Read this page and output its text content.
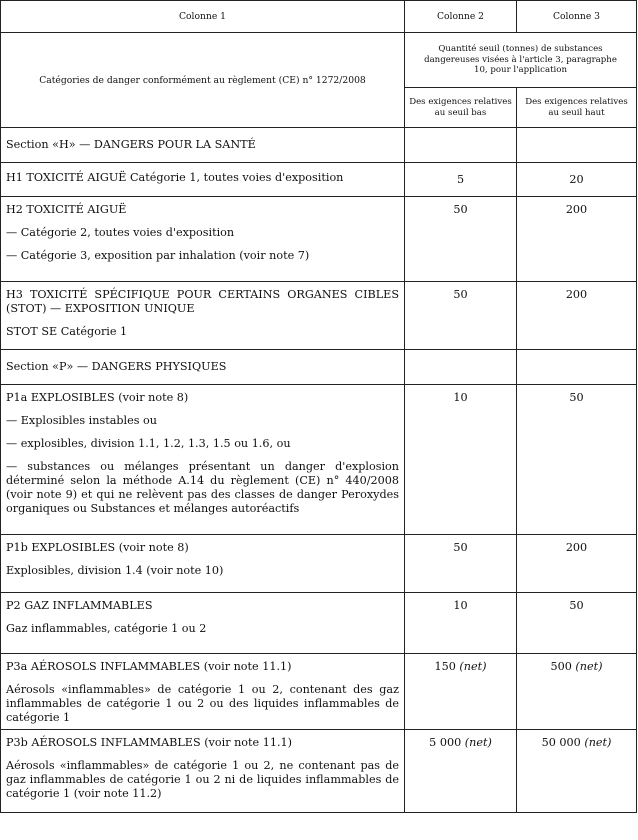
Colonne 1	Colonne 2	Colonne 3
Catégories de danger conformément au règlement (CE) n° 1272/2008	Quantité seuil (tonnes) de substances dangereuses visées à l'article 3, paragraphe 10, pour l'application	
	Des exigences relatives au seuil bas	Des exigences relatives au seuil haut
Section «H» — DANGERS POUR LA SANTÉ		
H1 TOXICITÉ AIGUË Catégorie 1, toutes voies d'exposition	5	20

H2 TOXICITÉ AIGUË

— Catégorie 2, toutes voies d'exposition

— Catégorie 3, exposition par inhalation (voir note 7)	50	200

H3 TOXICITÉ SPÉCIFIQUE POUR CERTAINS ORGANES CIBLES (STOT) — EXPOSITION UNIQUE

STOT SE Catégorie 1	50	200
Section «P» — DANGERS PHYSIQUES		

P1a EXPLOSIBLES (voir note 8)

— Explosibles instables ou

— explosibles, division 1.1, 1.2, 1.3, 1.5 ou 1.6, ou

— substances ou mélanges présentant un danger d'explosion déterminé selon la méthode A.14 du règlement (CE) n° 440/2008 (voir note 9) et qui ne relèvent pas des classes de danger Peroxydes organiques ou Substances et mélanges autoréactifs	10	50

P1b EXPLOSIBLES (voir note 8)

Explosibles, division 1.4 (voir note 10)	50	200

P2 GAZ INFLAMMABLES

Gaz inflammables, catégorie 1 ou 2	10	50

P3a AÉROSOLS INFLAMMABLES (voir note 11.1)

Aérosols «inflammables» de catégorie 1 ou 2, contenant des gaz inflammables de catégorie 1 ou 2 ou des liquides inflammables de catégorie 1	150 (net)	500 (net)

P3b AÉROSOLS INFLAMMABLES (voir note 11.1)

Aérosols «inflammables» de catégorie 1 ou 2, ne contenant pas de gaz inflammables de catégorie 1 ou 2 ni de liquides inflammables de catégorie 1 (voir note 11.2)	5 000 (net)	50 000 (net)
